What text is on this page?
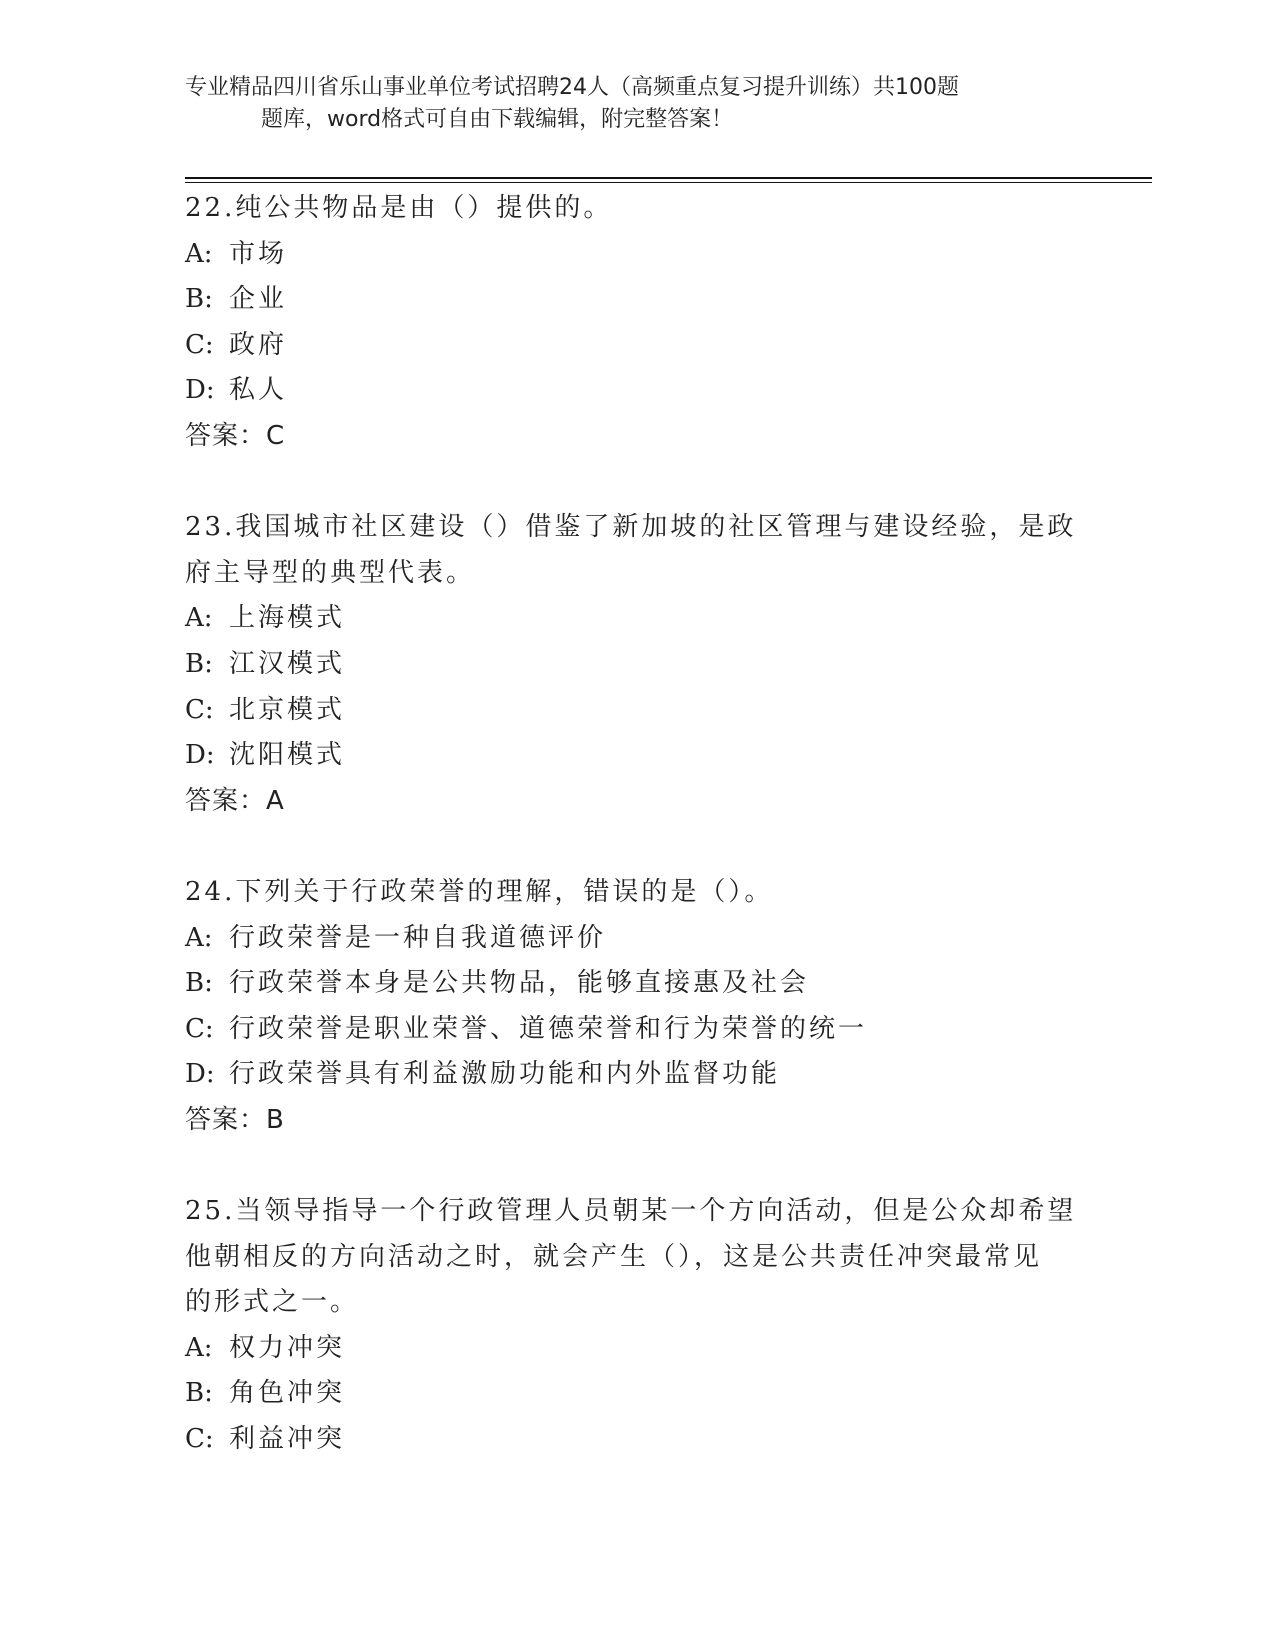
专业精品四川省乐山事业单位考试招聘24人（高频重点复习提升训练）共100题
题库，word格式可自由下载编辑，附完整答案！
22.纯公共物品是由（）提供的。
A: 市场
B: 企业
C: 政府
D: 私人
答案：C
23.我国城市社区建设（）借鉴了新加坡的社区管理与建设经验，是政
府主导型的典型代表。
A: 上海模式
B: 江汉模式
C: 北京模式
D: 沈阳模式
答案：A
24.下列关于行政荣誉的理解，错误的是（）。
A: 行政荣誉是一种自我道德评价
B: 行政荣誉本身是公共物品，能够直接惠及社会
C: 行政荣誉是职业荣誉、道德荣誉和行为荣誉的统一
D: 行政荣誉具有利益激励功能和内外监督功能
答案：B
25.当领导指导一个行政管理人员朝某一个方向活动，但是公众却希望
他朝相反的方向活动之时，就会产生（），这是公共责任冲突最常见
的形式之一。
A: 权力冲突
B: 角色冲突
C: 利益冲突
